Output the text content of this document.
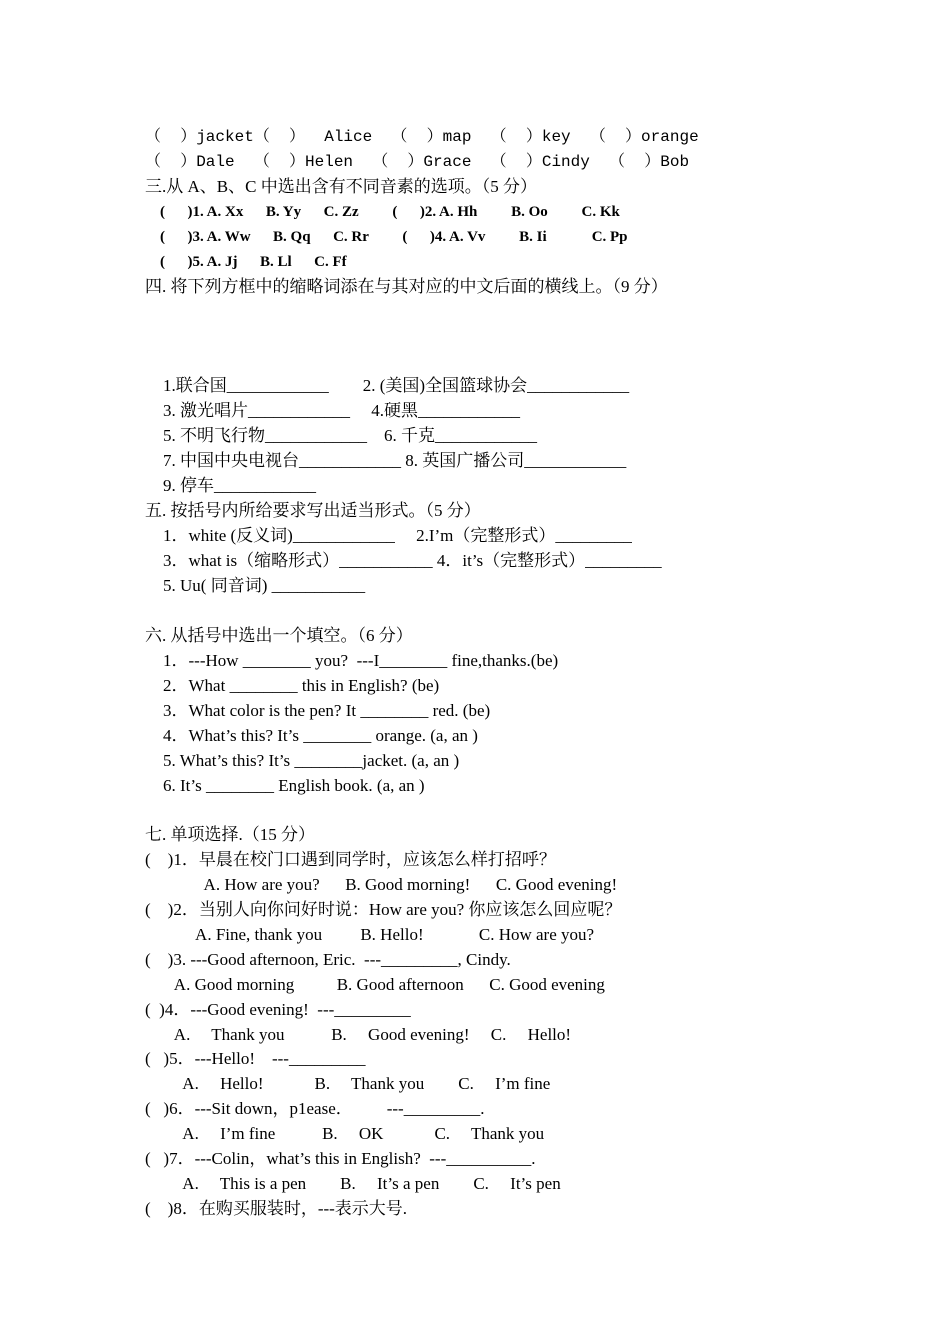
（  ）jacket（  ）  Alice  （  ）map  （  ）key  （  ）orange
（  ）Dale  （  ）Helen  （  ）Grace  （  ）Cindy  （  ）Bob
三.从 A、B、C 中选出含有不同音素的选项。（5 分）
(      )1. A. Xx      B. Yy      C. Zz         (      )2. A. Hh         B. Oo         C. Kk
(      )3. A. Ww      B. Qq      C. Rr         (      )4. A. Vv         B. Ii            C. Pp
(      )5. A. Jj      B. Ll      C. Ff
四. 将下列方框中的缩略词添在与其对应的中文后面的横线上。（9 分）
1.联合国____________        2. (美国)全国篮球协会____________
3. 激光唱片____________     4.硬黑____________
5. 不明飞行物____________    6. 千克____________
7. 中国中央电视台____________ 8. 英国广播公司____________
9. 停车____________
五. 按括号内所给要求写出适当形式。（5 分）
1．white (反义词)____________     2.I’m（完整形式）_________
3．what is（缩略形式）___________ 4．it’s（完整形式）_________
5. Uu( 同音词) ___________
六. 从括号中选出一个填空。（6 分）
1．---How ________ you?  ---I________ fine,thanks.(be)
2．What ________ this in English? (be)
3．What color is the pen? It ________ red. (be)
4．What’s this? It’s ________ orange. (a, an )
5. What’s this? It’s ________jacket. (a, an )
6. It’s ________ English book. (a, an )
七. 单项选择.（15 分）
(    )1．早晨在校门口遇到同学时，应该怎么样打招呼？
A. How are you?      B. Good morning!      C. Good evening!
(    )2．当别人向你问好时说：How are you? 你应该怎么回应呢？
A. Fine, thank you         B. Hello!             C. How are you?
(    )3. ---Good afternoon, Eric.  ---_________, Cindy.
A. Good morning          B. Good afternoon      C. Good evening
(  )4．---Good evening!  ---_________
A.     Thank you           B.     Good evening!     C.     Hello!
(   )5．---Hello!    ---_________
A.     Hello!            B.     Thank you        C.     I’m fine
(   )6．---Sit down，p1ease．        ---_________.
A.     I’m fine           B.     OK            C.     Thank you
(   )7．---Colin，what’s this in English?  ---__________.
A.     This is a pen        B.     It’s a pen        C.     It’s pen
(    )8．在购买服装时，---表示大号.
